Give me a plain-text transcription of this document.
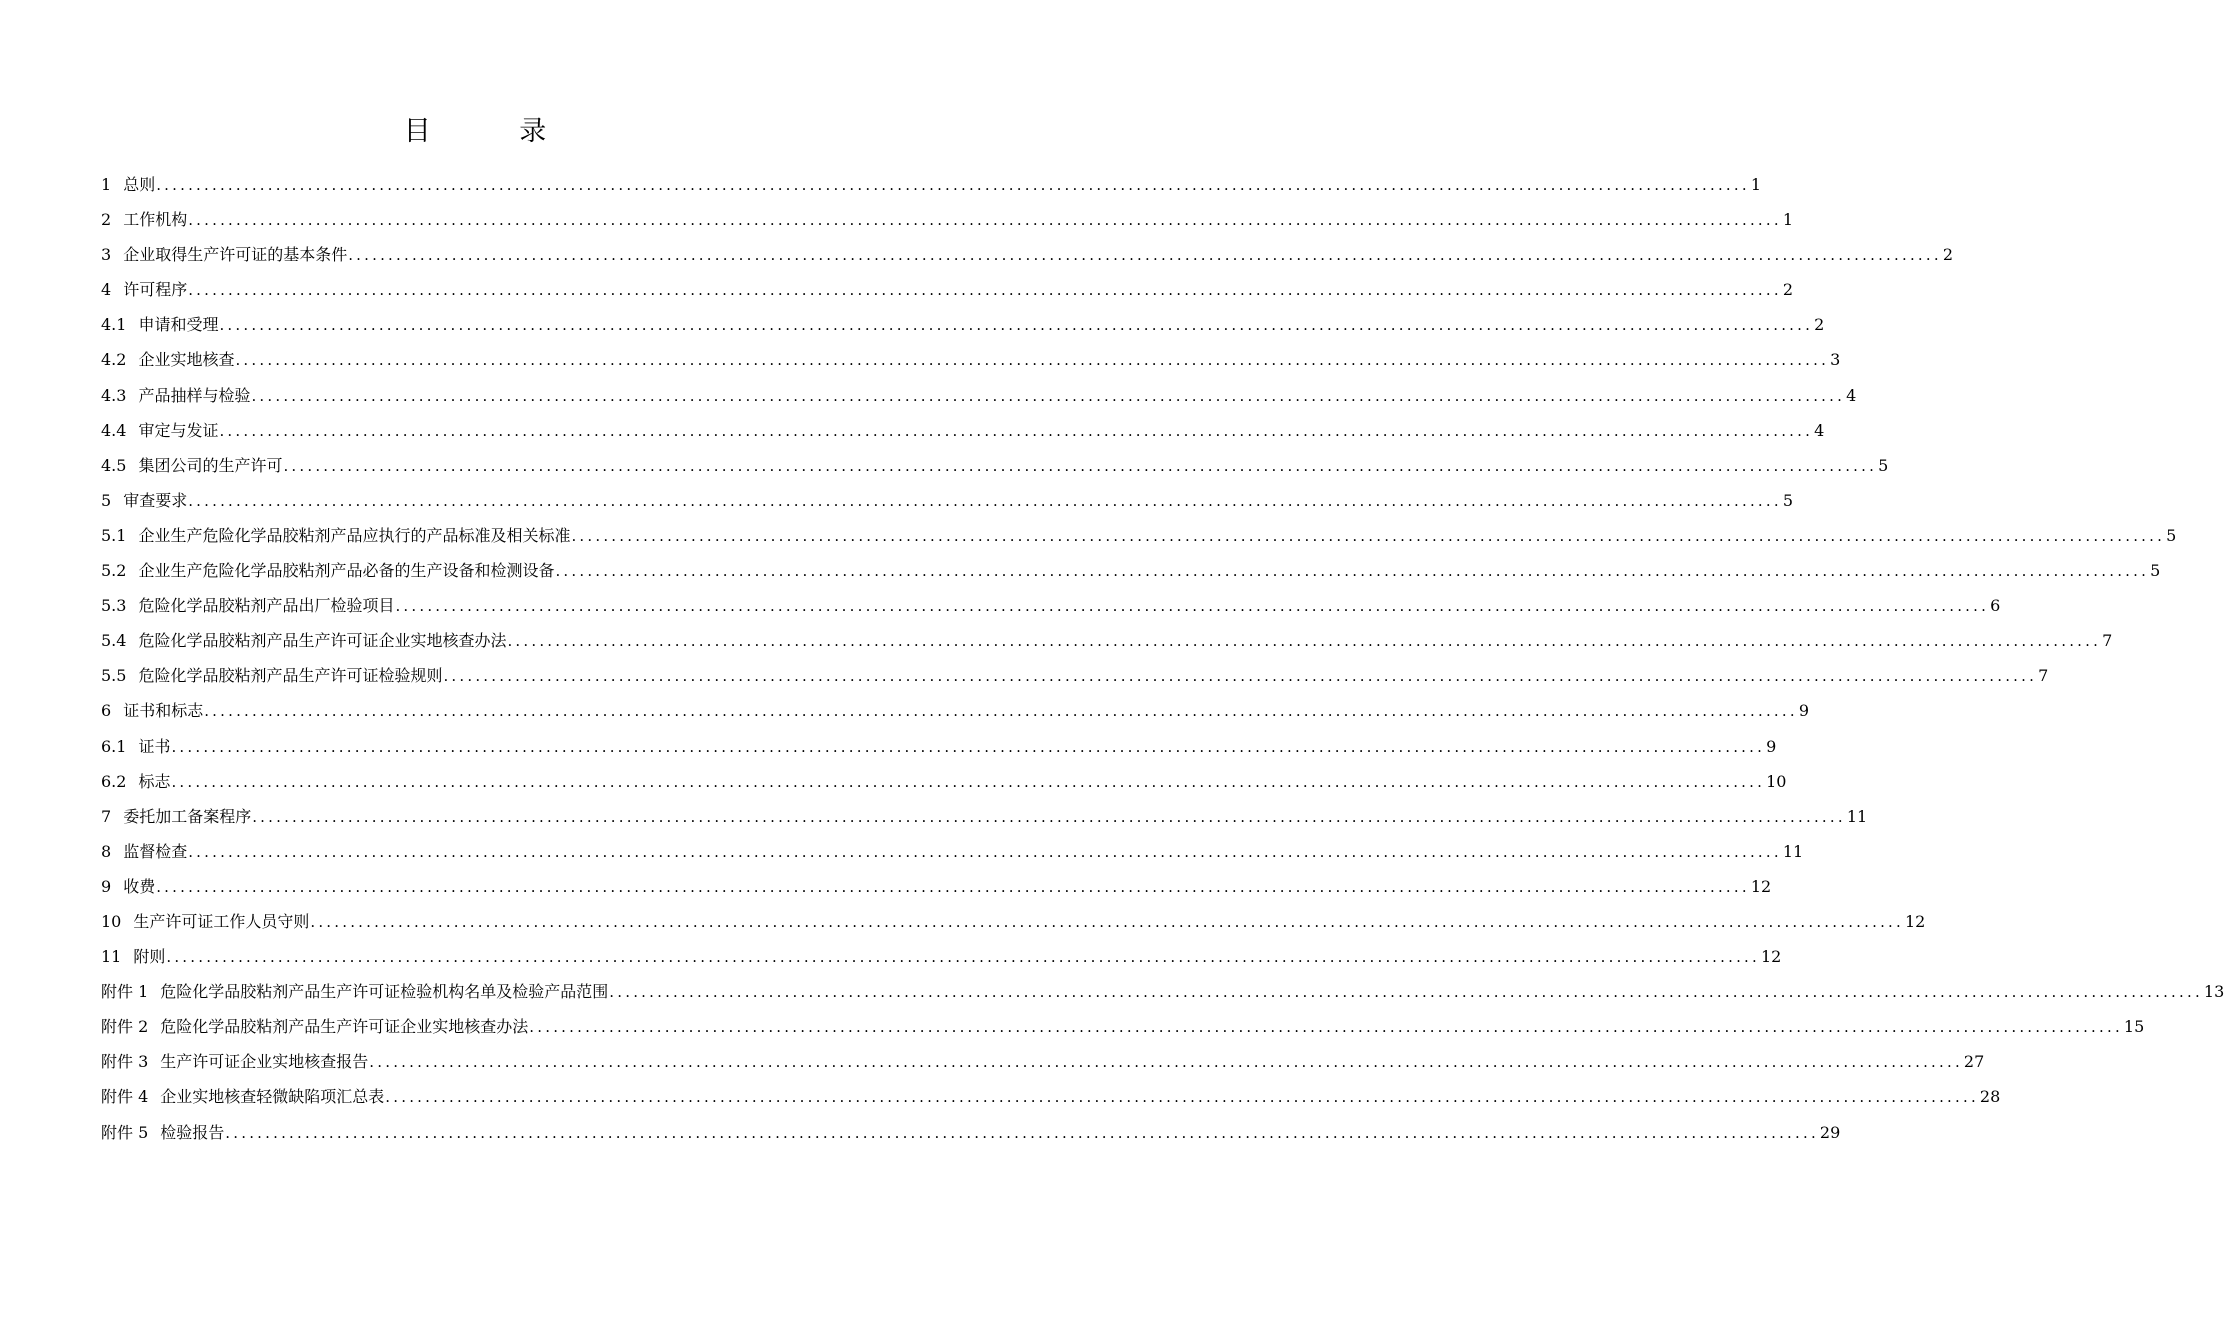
目 录
1 总则 ........................................................................................................................................................................................................ 1
2 工作机构 ........................................................................................................................................................................................................ 1
3 企业取得生产许可证的基本条件 ........................................................................................................................................................................................................ 2
4 许可程序 ........................................................................................................................................................................................................ 2
4.1 申请和受理 ........................................................................................................................................................................................................ 2
4.2 企业实地核查 ........................................................................................................................................................................................................ 3
4.3 产品抽样与检验 ........................................................................................................................................................................................................ 4
4.4 审定与发证 ........................................................................................................................................................................................................ 4
4.5 集团公司的生产许可 ........................................................................................................................................................................................................ 5
5 审查要求 ........................................................................................................................................................................................................ 5
5.1 企业生产危险化学品胶粘剂产品应执行的产品标准及相关标准 ........................................................................................................................................................................................................ 5
5.2 企业生产危险化学品胶粘剂产品必备的生产设备和检测设备 ........................................................................................................................................................................................................ 5
5.3 危险化学品胶粘剂产品出厂检验项目 ........................................................................................................................................................................................................ 6
5.4 危险化学品胶粘剂产品生产许可证企业实地核查办法 ........................................................................................................................................................................................................ 7
5.5 危险化学品胶粘剂产品生产许可证检验规则 ........................................................................................................................................................................................................ 7
6 证书和标志 ........................................................................................................................................................................................................ 9
6.1 证书 ........................................................................................................................................................................................................ 9
6.2 标志 ........................................................................................................................................................................................................ 10
7 委托加工备案程序 ........................................................................................................................................................................................................ 11
8 监督检查 ........................................................................................................................................................................................................ 11
9 收费 ........................................................................................................................................................................................................ 12
10 生产许可证工作人员守则 ........................................................................................................................................................................................................ 12
11 附则 ........................................................................................................................................................................................................ 12
附件 1 危险化学品胶粘剂产品生产许可证检验机构名单及检验产品范围 ........................................................................................................................................................................................................ 13
附件 2 危险化学品胶粘剂产品生产许可证企业实地核查办法 ........................................................................................................................................................................................................ 15
附件 3 生产许可证企业实地核查报告 ........................................................................................................................................................................................................ 27
附件 4 企业实地核查轻微缺陷项汇总表 ........................................................................................................................................................................................................ 28
附件 5 检验报告 ........................................................................................................................................................................................................ 29
